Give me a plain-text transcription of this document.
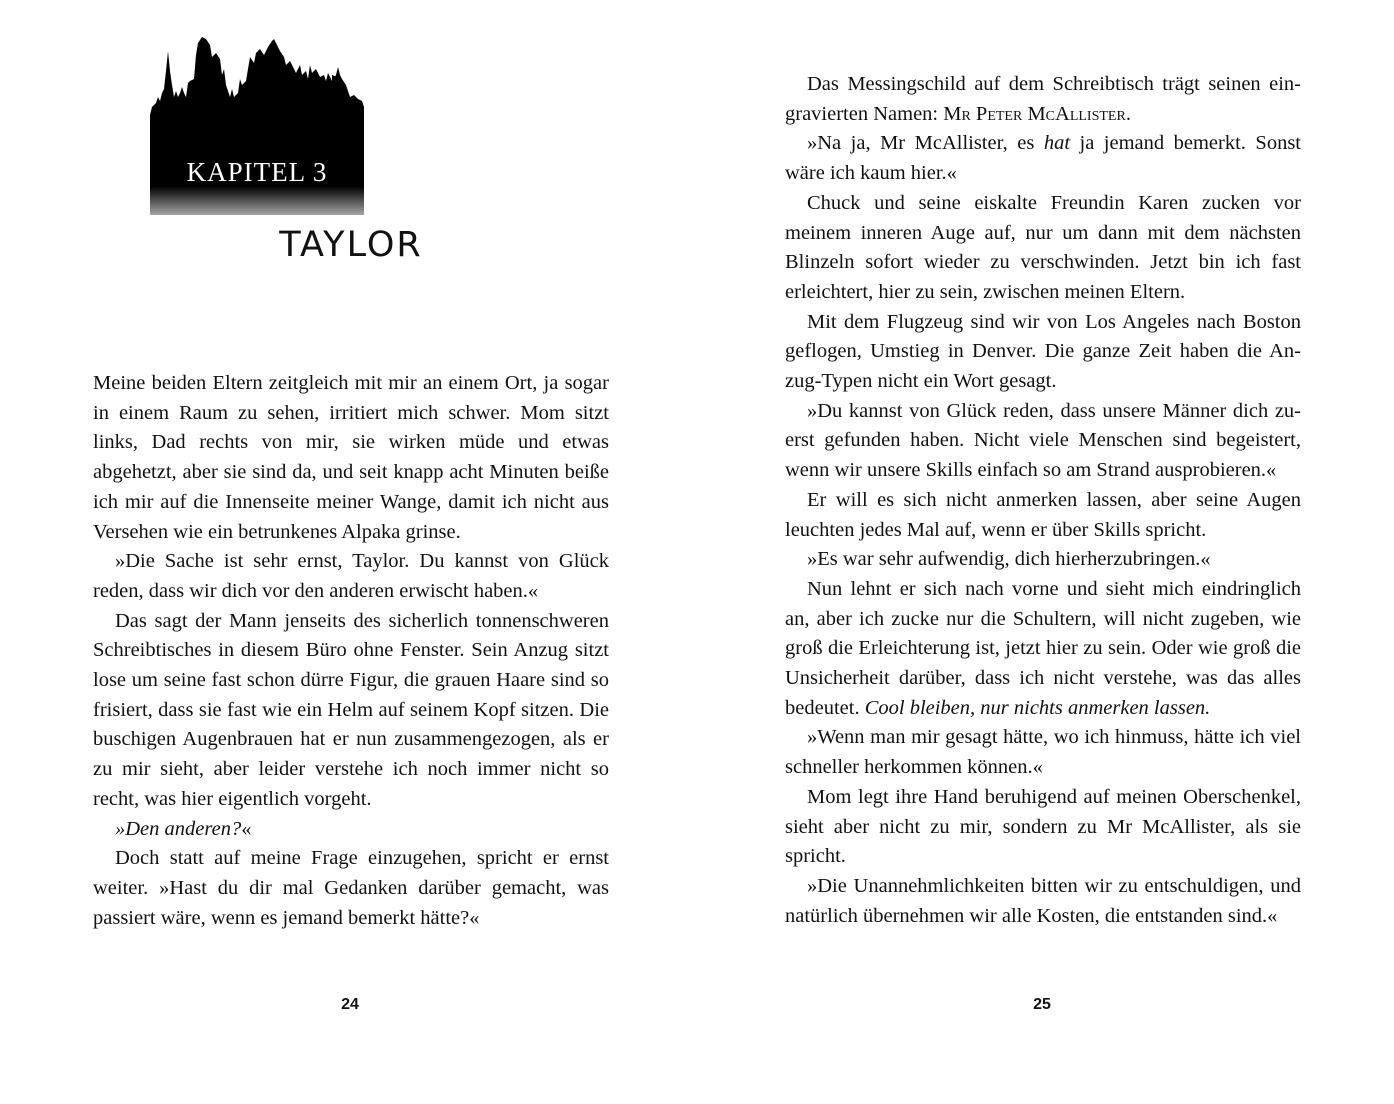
KAPITEL 3
TAYLOR

Meine beiden Eltern zeitgleich mit mir an einem Ort, ja sogar in einem Raum zu sehen, irritiert mich schwer. Mom sitzt links, Dad rechts von mir, sie wirken müde und etwas abgehetzt, aber sie sind da, und seit knapp acht Minuten beiße ich mir auf die Innenseite meiner Wange, damit ich nicht aus Versehen wie ein betrunkenes Alpaka grinse.

»Die Sache ist sehr ernst, Taylor. Du kannst von Glück reden, dass wir dich vor den anderen erwischt haben.«

Das sagt der Mann jenseits des sicherlich tonnenschweren Schreibtisches in diesem Büro ohne Fenster. Sein Anzug sitzt lose um seine fast schon dürre Figur, die grauen Haare sind so frisiert, dass sie fast wie ein Helm auf seinem Kopf sitzen. Die buschigen Augenbrauen hat er nun zusammengezogen, als er zu mir sieht, aber leider verstehe ich noch immer nicht so recht, was hier eigentlich vorgeht.

»Den anderen?«

Doch statt auf meine Frage einzugehen, spricht er ernst weiter. »Hast du dir mal Gedanken darüber gemacht, was passiert wäre, wenn es jemand bemerkt hätte?«

24

Das Messingschild auf dem Schreibtisch trägt seinen eingravierten Namen: Mr Peter McAllister.

»Na ja, Mr McAllister, es hat ja jemand bemerkt. Sonst wäre ich kaum hier.«

Chuck und seine eiskalte Freundin Karen zucken vor meinem inneren Auge auf, nur um dann mit dem nächsten Blinzeln sofort wieder zu verschwinden. Jetzt bin ich fast erleichtert, hier zu sein, zwischen meinen Eltern.

Mit dem Flugzeug sind wir von Los Angeles nach Boston geflogen, Umstieg in Denver. Die ganze Zeit haben die Anzug-Typen nicht ein Wort gesagt.

»Du kannst von Glück reden, dass unsere Männer dich zuerst gefunden haben. Nicht viele Menschen sind begeistert, wenn wir unsere Skills einfach so am Strand ausprobieren.«

Er will es sich nicht anmerken lassen, aber seine Augen leuchten jedes Mal auf, wenn er über Skills spricht.

»Es war sehr aufwendig, dich hierherzubringen.«

Nun lehnt er sich nach vorne und sieht mich eindringlich an, aber ich zucke nur die Schultern, will nicht zugeben, wie groß die Erleichterung ist, jetzt hier zu sein. Oder wie groß die Unsicherheit darüber, dass ich nicht verstehe, was das alles bedeutet. Cool bleiben, nur nichts anmerken lassen.

»Wenn man mir gesagt hätte, wo ich hinmuss, hätte ich viel schneller herkommen können.«

Mom legt ihre Hand beruhigend auf meinen Oberschenkel, sieht aber nicht zu mir, sondern zu Mr McAllister, als sie spricht.

»Die Unannehmlichkeiten bitten wir zu entschuldigen, und natürlich übernehmen wir alle Kosten, die entstanden sind.«

25
